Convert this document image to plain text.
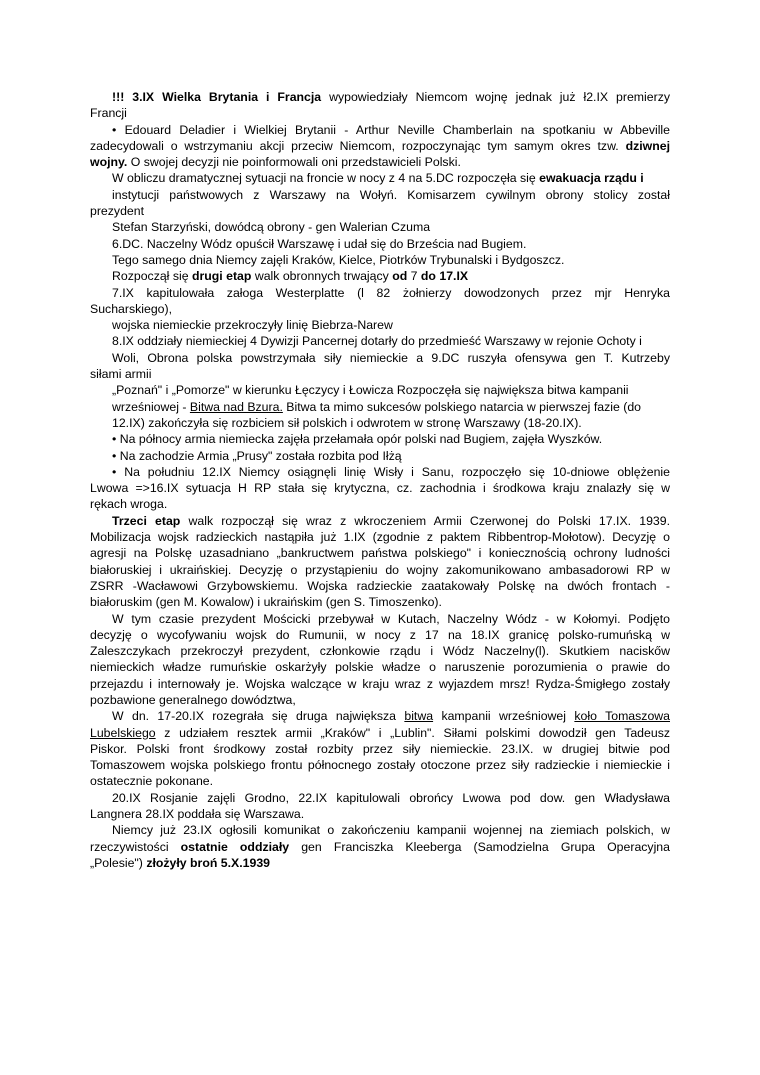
!!! 3.IX Wielka Brytania i Francja wypowiedziały Niemcom wojnę jednak już ł2.IX premierzy
Francji
• Edouard Deladier i Wielkiej Brytanii - Arthur Neville Chamberlain na spotkaniu w Abbeville
zadecydowali o wstrzymaniu akcji przeciw Niemcom, rozpoczynając tym samym okres tzw. dziwnej
wojny. O swojej decyzji nie poinformowali oni przedstawicieli Polski.
W obliczu dramatycznej sytuacji na froncie w nocy z 4 na 5.DC rozpoczęła się ewakuacja rządu i
instytucji państwowych z Warszawy na Wołyń. Komisarzem cywilnym obrony stolicy został
prezydent
Stefan Starzyński, dowódcą obrony - gen Walerian Czuma
6.DC. Naczelny Wódz opuścił Warszawę i udał się do Brześcia nad Bugiem.
Tego samego dnia Niemcy zajęli Kraków, Kielce, Piotrków Trybunalski i Bydgoszcz.
Rozpoczął się drugi etap walk obronnych trwający od 7 do 17.IX
7.IX kapitulowała załoga Westerplatte (l 82 żołnierzy dowodzonych przez mjr Henryka
Sucharskiego),
wojska niemieckie przekroczyły linię Biebrza-Narew
8.IX oddziały niemieckiej 4 Dywizji Pancernej dotarły do przedmieść Warszawy w rejonie Ochoty i
Woli, Obrona polska powstrzymała siły niemieckie a 9.DC ruszyła ofensywa gen T. Kutrzeby
siłami armii
„Poznań" i „Pomorze" w kierunku Łęczycy i Łowicza Rozpoczęła się największa bitwa kampanii
wrześniowej - Bitwa nad Bzura. Bitwa ta mimo sukcesów polskiego natarcia w pierwszej fazie (do
12.IX) zakończyła się rozbiciem sił polskich i odwrotem w stronę Warszawy (18-20.IX).
• Na północy armia niemiecka zajęła przełamała opór polski nad Bugiem, zajęła Wyszków.
• Na zachodzie Armia „Prusy" została rozbita pod Iłżą
• Na południu 12.IX Niemcy osiągnęli linię Wisły i Sanu, rozpoczęło się 10-dniowe oblężenie
Lwowa =>16.IX sytuacja H RP stała się krytyczna, cz. zachodnia i środkowa kraju znalazły się w
rękach wroga.
Trzeci etap walk rozpoczął się wraz z wkroczeniem Armii Czerwonej do Polski 17.IX. 1939.
Mobilizacja wojsk radzieckich nastąpiła już 1.IX (zgodnie z paktem Ribbentrop-Mołotow). Decyzję o
agresji na Polskę uzasadniano „bankructwem państwa polskiego" i koniecznością ochrony ludności
białoruskiej i ukraińskiej. Decyzję o przystąpieniu do wojny zakomunikowano ambasadorowi RP w
ZSRR -Wacławowi Grzybowskiemu. Wojska radzieckie zaatakowały Polskę na dwóch frontach -
białoruskim (gen M. Kowalow) i ukraińskim (gen S. Timoszenko).
W tym czasie prezydent Mościcki przebywał w Kutach, Naczelny Wódz - w Kołomyi. Podjęto
decyzję o wycofywaniu wojsk do Rumunii, w nocy z 17 na 18.IX granicę polsko-rumuńską w
Zaleszczykach przekroczył prezydent, członkowie rządu i Wódz Naczelny(l). Skutkiem naciskőw
niemieckich władze rumuńskie oskarżyły polskie władze o naruszenie porozumienia o prawie do
przejazdu i internowały je. Wojska walczące w kraju wraz z wyjazdem mrsz! Rydza-Śmigłego zostały
pozbawione generalnego dowództwa,
W dn. 17-20.IX rozegrała się druga największa bitwa kampanii wrześniowej koło Tomaszowa
Lubelskiego z udziałem resztek armii „Kraków" i „Lublin". Siłami polskimi dowodził gen Tadeusz
Piskor. Polski front środkowy został rozbity przez siły niemieckie. 23.IX. w drugiej bitwie pod
Tomaszowem wojska polskiego frontu północnego zostały otoczone przez siły radzieckie i niemieckie i
ostatecznie pokonane.
20.IX Rosjanie zajęli Grodno, 22.IX kapitulowali obrońcy Lwowa pod dow. gen Władysława
Langnera 28.IX poddała się Warszawa.
Niemcy już 23.IX ogłosili komunikat o zakończeniu kampanii wojennej na ziemiach polskich, w
rzeczywistości ostatnie oddziały gen Franciszka Kleeberga (Samodzielna Grupa Operacyjna
„Polesie") złożyły broń 5.X.1939
